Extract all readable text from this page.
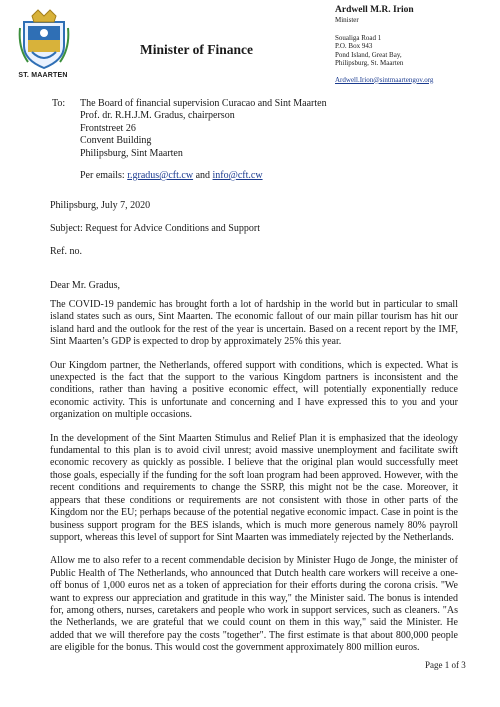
ST. MAARTEN
Minister of Finance
Ardwell M.R. Irion
Minister
Soualiga Road 1
P.O. Box 943
Pond Island, Great Bay,
Philipsburg, St. Maarten
Ardwell.Irion@sintmaartengov.org
To: The Board of financial supervision Curacao and Sint Maarten
Prof. dr. R.H.J.M. Gradus, chairperson
Frontstreet 26
Convent Building
Philipsburg, Sint Maarten
Per emails: r.gradus@cft.cw and info@cft.cw
Philipsburg, July 7, 2020
Subject: Request for Advice Conditions and Support
Ref. no.
Dear Mr. Gradus,

The COVID-19 pandemic has brought forth a lot of hardship in the world but in particular to small island states such as ours, Sint Maarten. The economic fallout of our main pillar tourism has hit our island hard and the outlook for the rest of the year is uncertain. Based on a recent report by the IMF, Sint Maarten’s GDP is expected to drop by approximately 25% this year.

Our Kingdom partner, the Netherlands, offered support with conditions, which is expected. What is unexpected is the fact that the support to the various Kingdom partners is inconsistent and the conditions, rather than having a positive economic effect, will potentially exponentially reduce economic activity. This is unfortunate and concerning and I have expressed this to you and your organization on multiple occasions.

In the development of the Sint Maarten Stimulus and Relief Plan it is emphasized that the ideology fundamental to this plan is to avoid civil unrest; avoid massive unemployment and facilitate swift economic recovery as quickly as possible. I believe that the original plan would successfully meet those goals, especially if the funding for the soft loan program had been approved. However, with the recent conditions and requirements to change the SSRP, this might not be the case. Moreover, it appears that these conditions or requirements are not consistent with those in other parts of the Kingdom nor the EU; perhaps because of the potential negative economic impact. Case in point is the business support program for the BES islands, which is much more generous namely 80% payroll support, whereas this level of support for Sint Maarten was immediately rejected by the Netherlands.

Allow me to also refer to a recent commendable decision by Minister Hugo de Jonge, the minister of Public Health of The Netherlands, who announced that Dutch health care workers will receive a one-off bonus of 1,000 euros net as a token of appreciation for their efforts during the corona crisis. "We want to express our appreciation and gratitude in this way," the Minister said. The bonus is intended for, among others, nurses, caretakers and people who work in support services, such as cleaners. "As the Netherlands, we are grateful that we could count on them in this way," said the Minister. He added that we will therefore pay the costs "together". The first estimate is that about 800,000 people are eligible for the bonus. This would cost the government approximately 800 million euros.

Page 1 of 3
